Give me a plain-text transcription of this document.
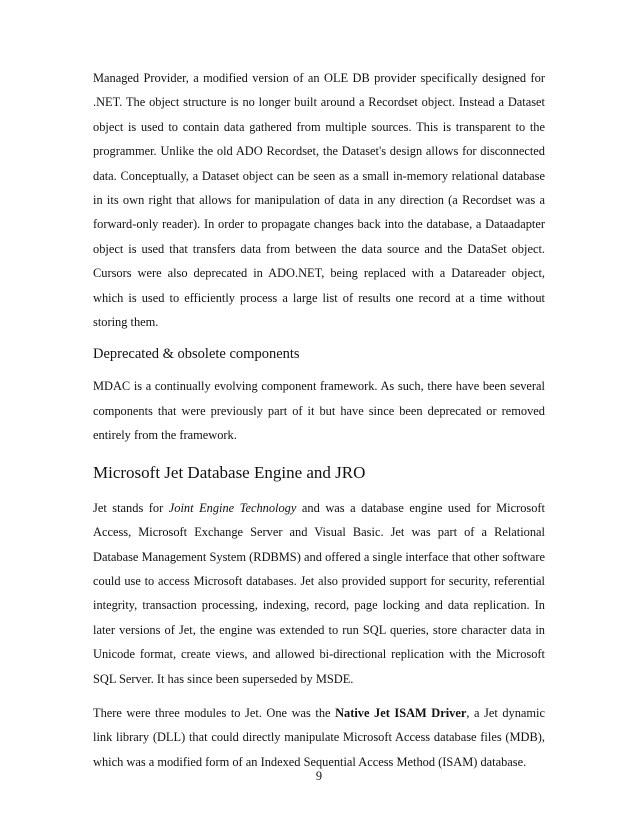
Managed Provider, a modified version of an OLE DB provider specifically designed for .NET. The object structure is no longer built around a Recordset object. Instead a Dataset object is used to contain data gathered from multiple sources. This is transparent to the programmer. Unlike the old ADO Recordset, the Dataset's design allows for disconnected data. Conceptually, a Dataset object can be seen as a small in-memory relational database in its own right that allows for manipulation of data in any direction (a Recordset was a forward-only reader). In order to propagate changes back into the database, a Dataadapter object is used that transfers data from between the data source and the DataSet object. Cursors were also deprecated in ADO.NET, being replaced with a Datareader object, which is used to efficiently process a large list of results one record at a time without storing them.

Deprecated & obsolete components

MDAC is a continually evolving component framework. As such, there have been several components that were previously part of it but have since been deprecated or removed entirely from the framework.

Microsoft Jet Database Engine and JRO

Jet stands for Joint Engine Technology and was a database engine used for Microsoft Access, Microsoft Exchange Server and Visual Basic. Jet was part of a Relational Database Management System (RDBMS) and offered a single interface that other software could use to access Microsoft databases. Jet also provided support for security, referential integrity, transaction processing, indexing, record, page locking and data replication. In later versions of Jet, the engine was extended to run SQL queries, store character data in Unicode format, create views, and allowed bi-directional replication with the Microsoft SQL Server. It has since been superseded by MSDE.

There were three modules to Jet. One was the Native Jet ISAM Driver, a Jet dynamic link library (DLL) that could directly manipulate Microsoft Access database files (MDB), which was a modified form of an Indexed Sequential Access Method (ISAM) database.

9
